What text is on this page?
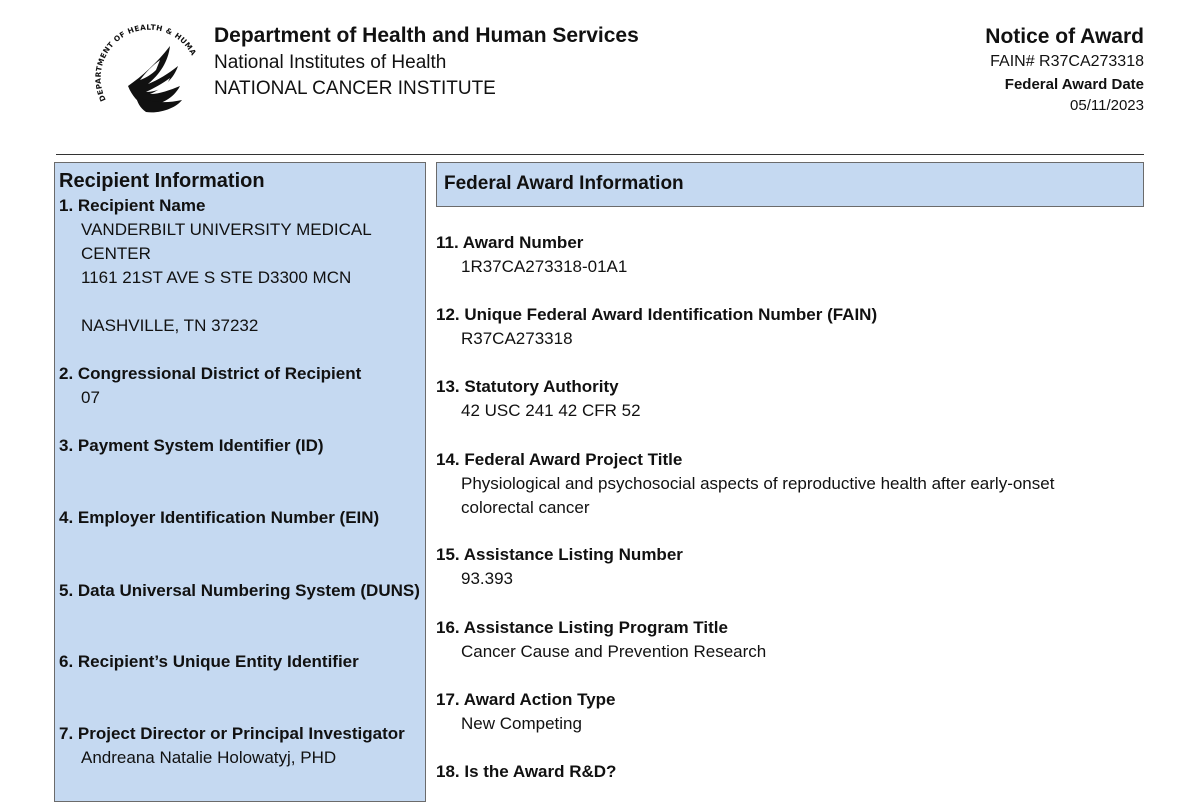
DEPARTMENT OF HEALTH & HUMA

Department of Health and Human Services

National Institutes of Health

NATIONAL CANCER INSTITUTE

Notice of Award
FAIN# R37CA273318
Federal Award Date
05/11/2023
Recipient Information

1. Recipient Name

VANDERBILT UNIVERSITY MEDICAL

CENTER

1161 21ST AVE S STE D3300 MCN

NASHVILLE, TN 37232

2. Congressional District of Recipient

07

3. Payment System Identifier (ID)

4. Employer Identification Number (EIN)

5. Data Universal Numbering System (DUNS)

6. Recipient’s Unique Entity Identifier

7. Project Director or Principal Investigator

Andreana Natalie Holowatyj, PHD

Federal Award Information

11. Award Number

1R37CA273318-01A1

12. Unique Federal Award Identification Number (FAIN)

R37CA273318

13. Statutory Authority

42 USC 241 42 CFR 52

14. Federal Award Project Title

Physiological and psychosocial aspects of reproductive health after early-onset

colorectal cancer

15. Assistance Listing Number

93.393

16. Assistance Listing Program Title

Cancer Cause and Prevention Research

17. Award Action Type

New Competing

18. Is the Award R&D?
